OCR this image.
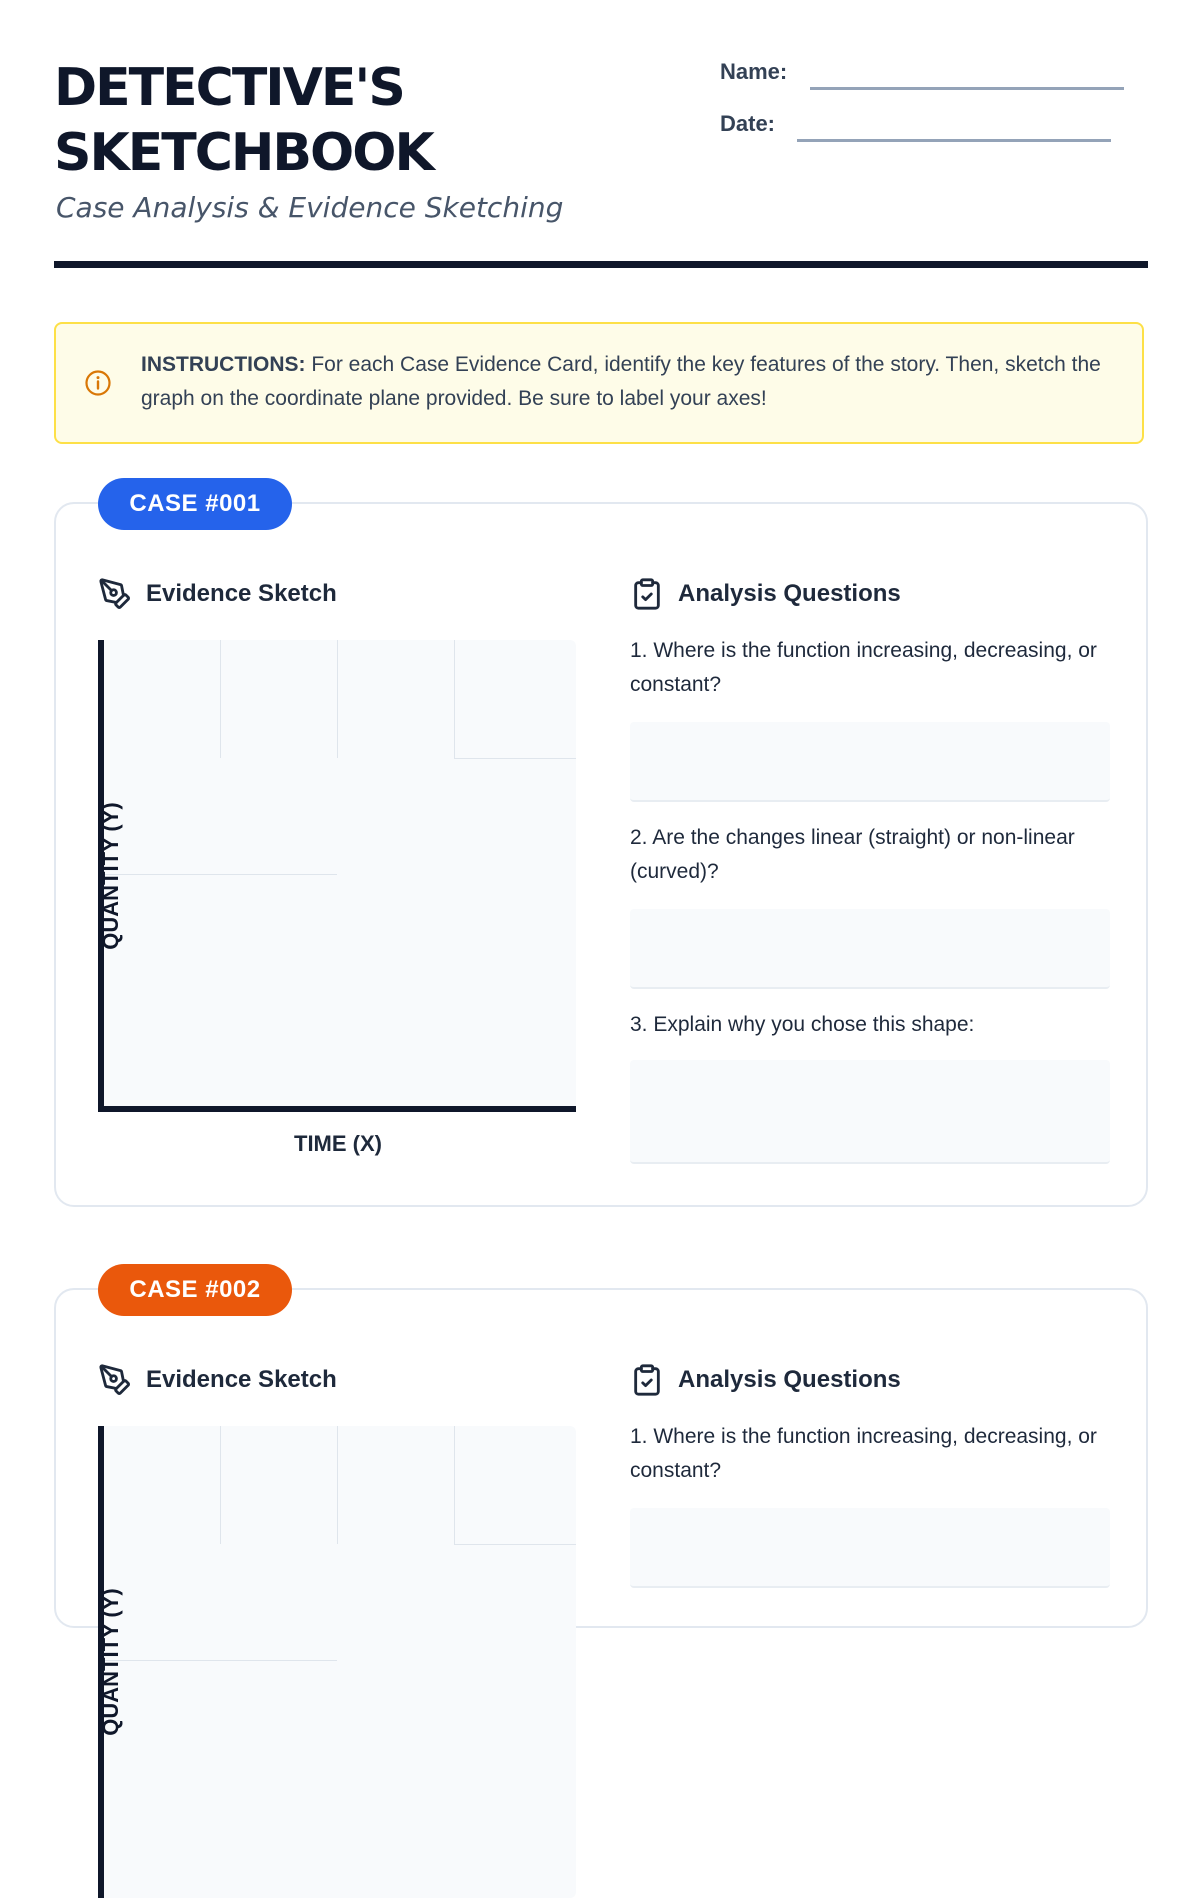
DETECTIVE'S
SKETCHBOOK
Case Analysis & Evidence Sketching
Name:
Date:

INSTRUCTIONS: For each Case Evidence Card, identify the key features of the story. Then, sketch the graph on the coordinate plane provided. Be sure to label your axes!

CASE #001
Evidence Sketch
QUANTITY (Y)
TIME (X)
Analysis Questions

1. Where is the function increasing, decreasing, or constant?

2. Are the changes linear (straight) or non-linear (curved)?

3. Explain why you chose this shape:

CASE #002
Evidence Sketch
QUANTITY (Y)
Analysis Questions

1. Where is the function increasing, decreasing, or constant?
